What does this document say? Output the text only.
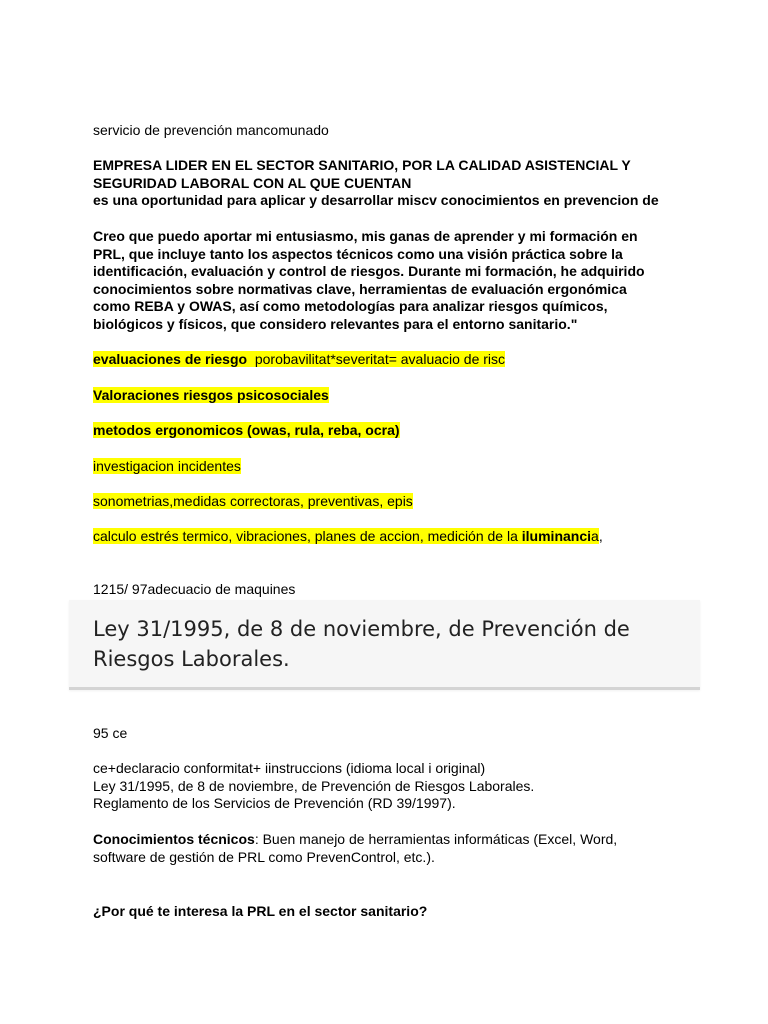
servicio de prevención mancomunado
EMPRESA LIDER EN EL SECTOR SANITARIO, POR LA CALIDAD ASISTENCIAL Y
SEGURIDAD LABORAL CON AL QUE CUENTAN
es una oportunidad para aplicar y desarrollar miscv conocimientos en prevencion de
Creo que puedo aportar mi entusiasmo, mis ganas de aprender y mi formación en
PRL, que incluye tanto los aspectos técnicos como una visión práctica sobre la
identificación, evaluación y control de riesgos. Durante mi formación, he adquirido
conocimientos sobre normativas clave, herramientas de evaluación ergonómica
como REBA y OWAS, así como metodologías para analizar riesgos químicos,
biológicos y físicos, que considero relevantes para el entorno sanitario."
evaluaciones de riesgo  porobavilitat*severitat= avaluacio de risc
Valoraciones riesgos psicosociales
metodos ergonomicos (owas, rula, reba, ocra)
investigacion incidentes
sonometrias,medidas correctoras, preventivas, epis
calculo estrés termico, vibraciones, planes de accion, medición de la iluminancia,
1215/ 97adecuacio de maquines
Ley 31/1995, de 8 de noviembre, de Prevención de Riesgos Laborales.
95 ce
ce+declaracio conformitat+ iinstruccions (idioma local i original)
Ley 31/1995, de 8 de noviembre, de Prevención de Riesgos Laborales.
Reglamento de los Servicios de Prevención (RD 39/1997).
Conocimientos técnicos: Buen manejo de herramientas informáticas (Excel, Word,
software de gestión de PRL como PrevenControl, etc.).
¿Por qué te interesa la PRL en el sector sanitario?
